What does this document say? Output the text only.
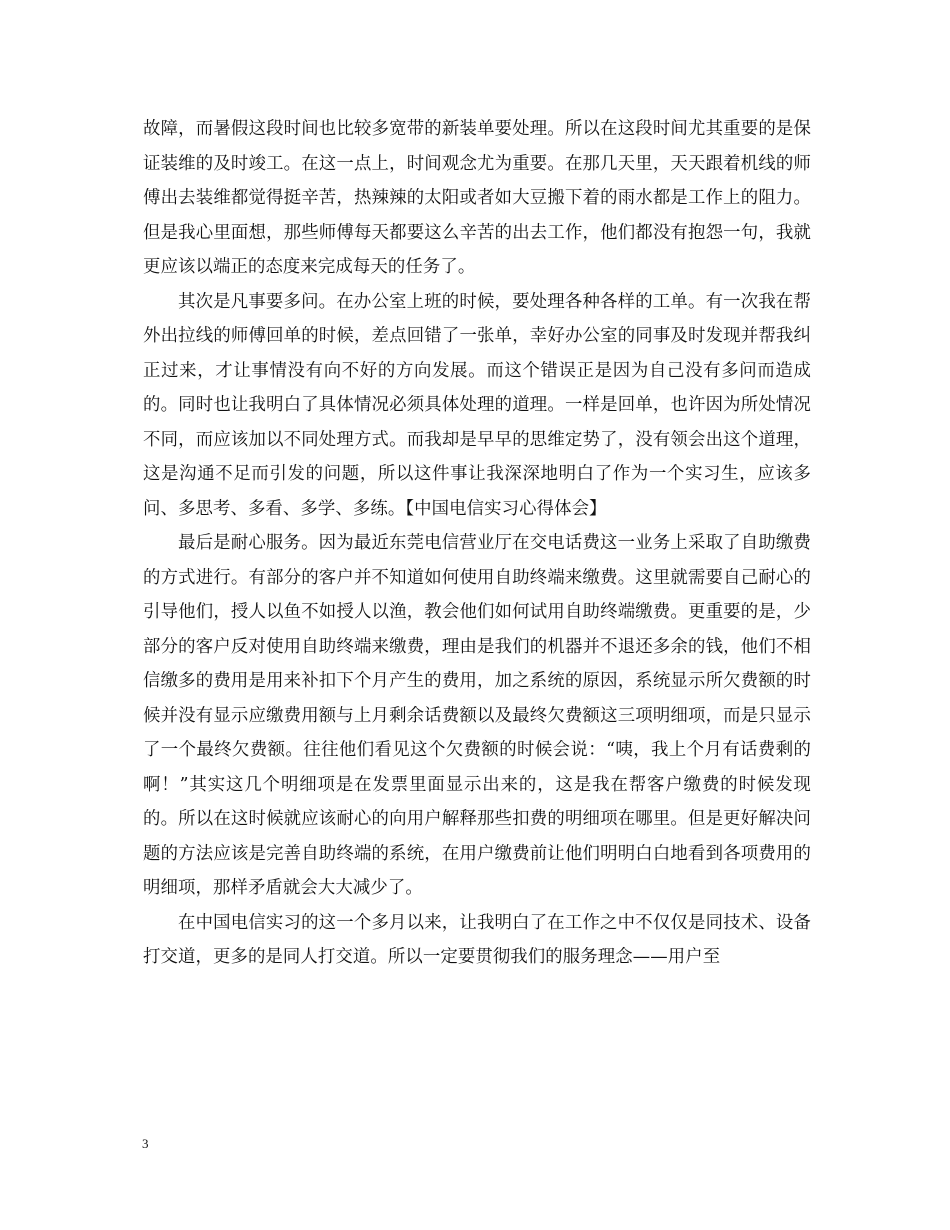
故障，而暑假这段时间也比较多宽带的新装单要处理。所以在这段时间尤其重要的是保证装维的及时竣工。在这一点上，时间观念尤为重要。在那几天里，天天跟着机线的师傅出去装维都觉得挺辛苦，热辣辣的太阳或者如大豆搬下着的雨水都是工作上的阻力。但是我心里面想，那些师傅每天都要这么辛苦的出去工作，他们都没有抱怨一句，我就更应该以端正的态度来完成每天的任务了。

其次是凡事要多问。在办公室上班的时候，要处理各种各样的工单。有一次我在帮外出拉线的师傅回单的时候，差点回错了一张单，幸好办公室的同事及时发现并帮我纠正过来，才让事情没有向不好的方向发展。而这个错误正是因为自己没有多问而造成的。同时也让我明白了具体情况必须具体处理的道理。一样是回单，也许因为所处情况不同，而应该加以不同处理方式。而我却是早早的思维定势了，没有领会出这个道理，这是沟通不足而引发的问题，所以这件事让我深深地明白了作为一个实习生，应该多问、多思考、多看、多学、多练。【中国电信实习心得体会】

最后是耐心服务。因为最近东莞电信营业厅在交电话费这一业务上采取了自助缴费的方式进行。有部分的客户并不知道如何使用自助终端来缴费。这里就需要自己耐心的引导他们，授人以鱼不如授人以渔，教会他们如何试用自助终端缴费。更重要的是，少部分的客户反对使用自助终端来缴费，理由是我们的机器并不退还多余的钱，他们不相信缴多的费用是用来补扣下个月产生的费用，加之系统的原因，系统显示所欠费额的时候并没有显示应缴费用额与上月剩余话费额以及最终欠费额这三项明细项，而是只显示了一个最终欠费额。往往他们看见这个欠费额的时候会说：“咦，我上个月有话费剩的啊！”其实这几个明细项是在发票里面显示出来的，这是我在帮客户缴费的时候发现的。所以在这时候就应该耐心的向用户解释那些扣费的明细项在哪里。但是更好解决问题的方法应该是完善自助终端的系统，在用户缴费前让他们明明白白地看到各项费用的明细项，那样矛盾就会大大减少了。

在中国电信实习的这一个多月以来，让我明白了在工作之中不仅仅是同技术、设备打交道，更多的是同人打交道。所以一定要贯彻我们的服务理念——用户至

3
